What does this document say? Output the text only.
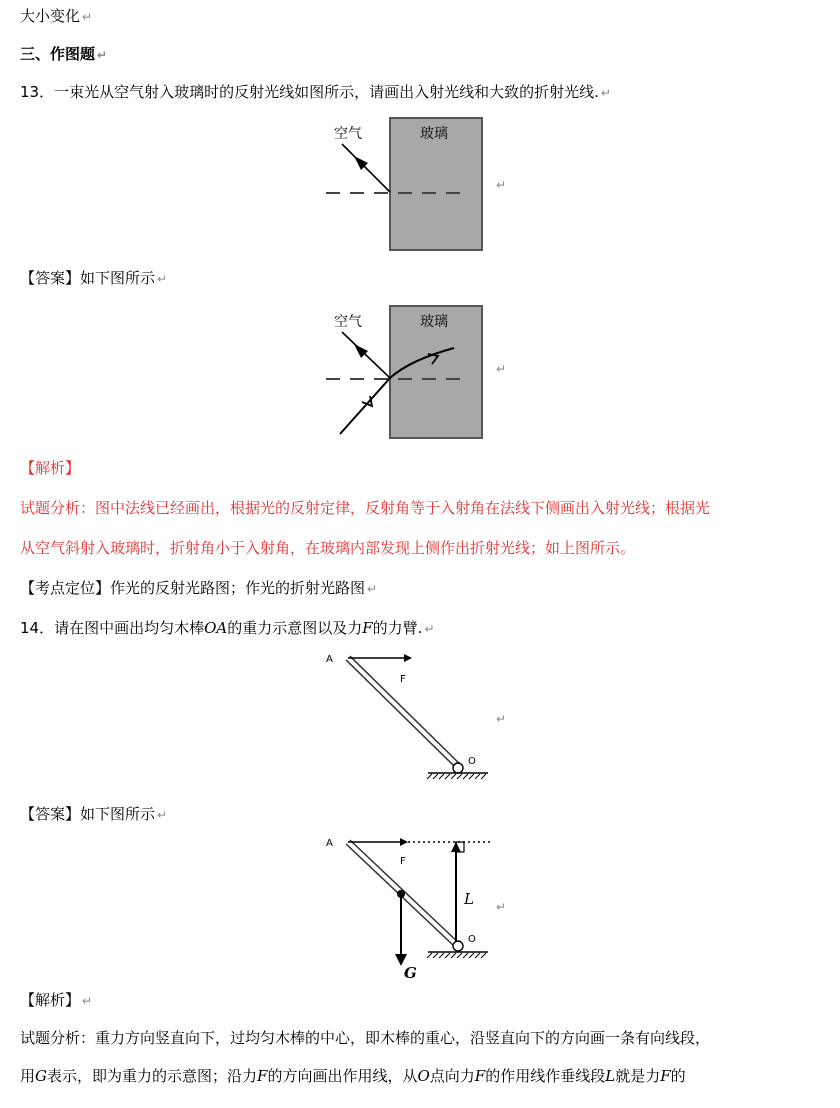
大小变化 ↵
三、作图题 ↵
13．一束光从空气射入玻璃时的反射光线如图所示，请画出入射光线和大致的折射光线. ↵
空气	玻璃
↵
【答案】如下图所示 ↵
空气	玻璃
↵
【解析】
试题分析：图中法线已经画出，根据光的反射定律，反射角等于入射角在法线下侧画出入射光线；根据光
从空气斜射入玻璃时，折射角小于入射角，在玻璃内部发现上侧作出折射光线；如上图所示。
【考点定位】作光的反射光路图；作光的折射光路图 ↵
14．请在图中画出均匀木棒OA的重力示意图以及力F的力臂. ↵
A
F
O
↵
【答案】如下图所示 ↵
A
F
O
L
G
↵
【解析】 ↵
试题分析：重力方向竖直向下，过均匀木棒的中心，即木棒的重心，沿竖直向下的方向画一条有向线段，
用G表示，即为重力的示意图；沿力F的方向画出作用线，从O点向力F的作用线作垂线段L就是力F的
